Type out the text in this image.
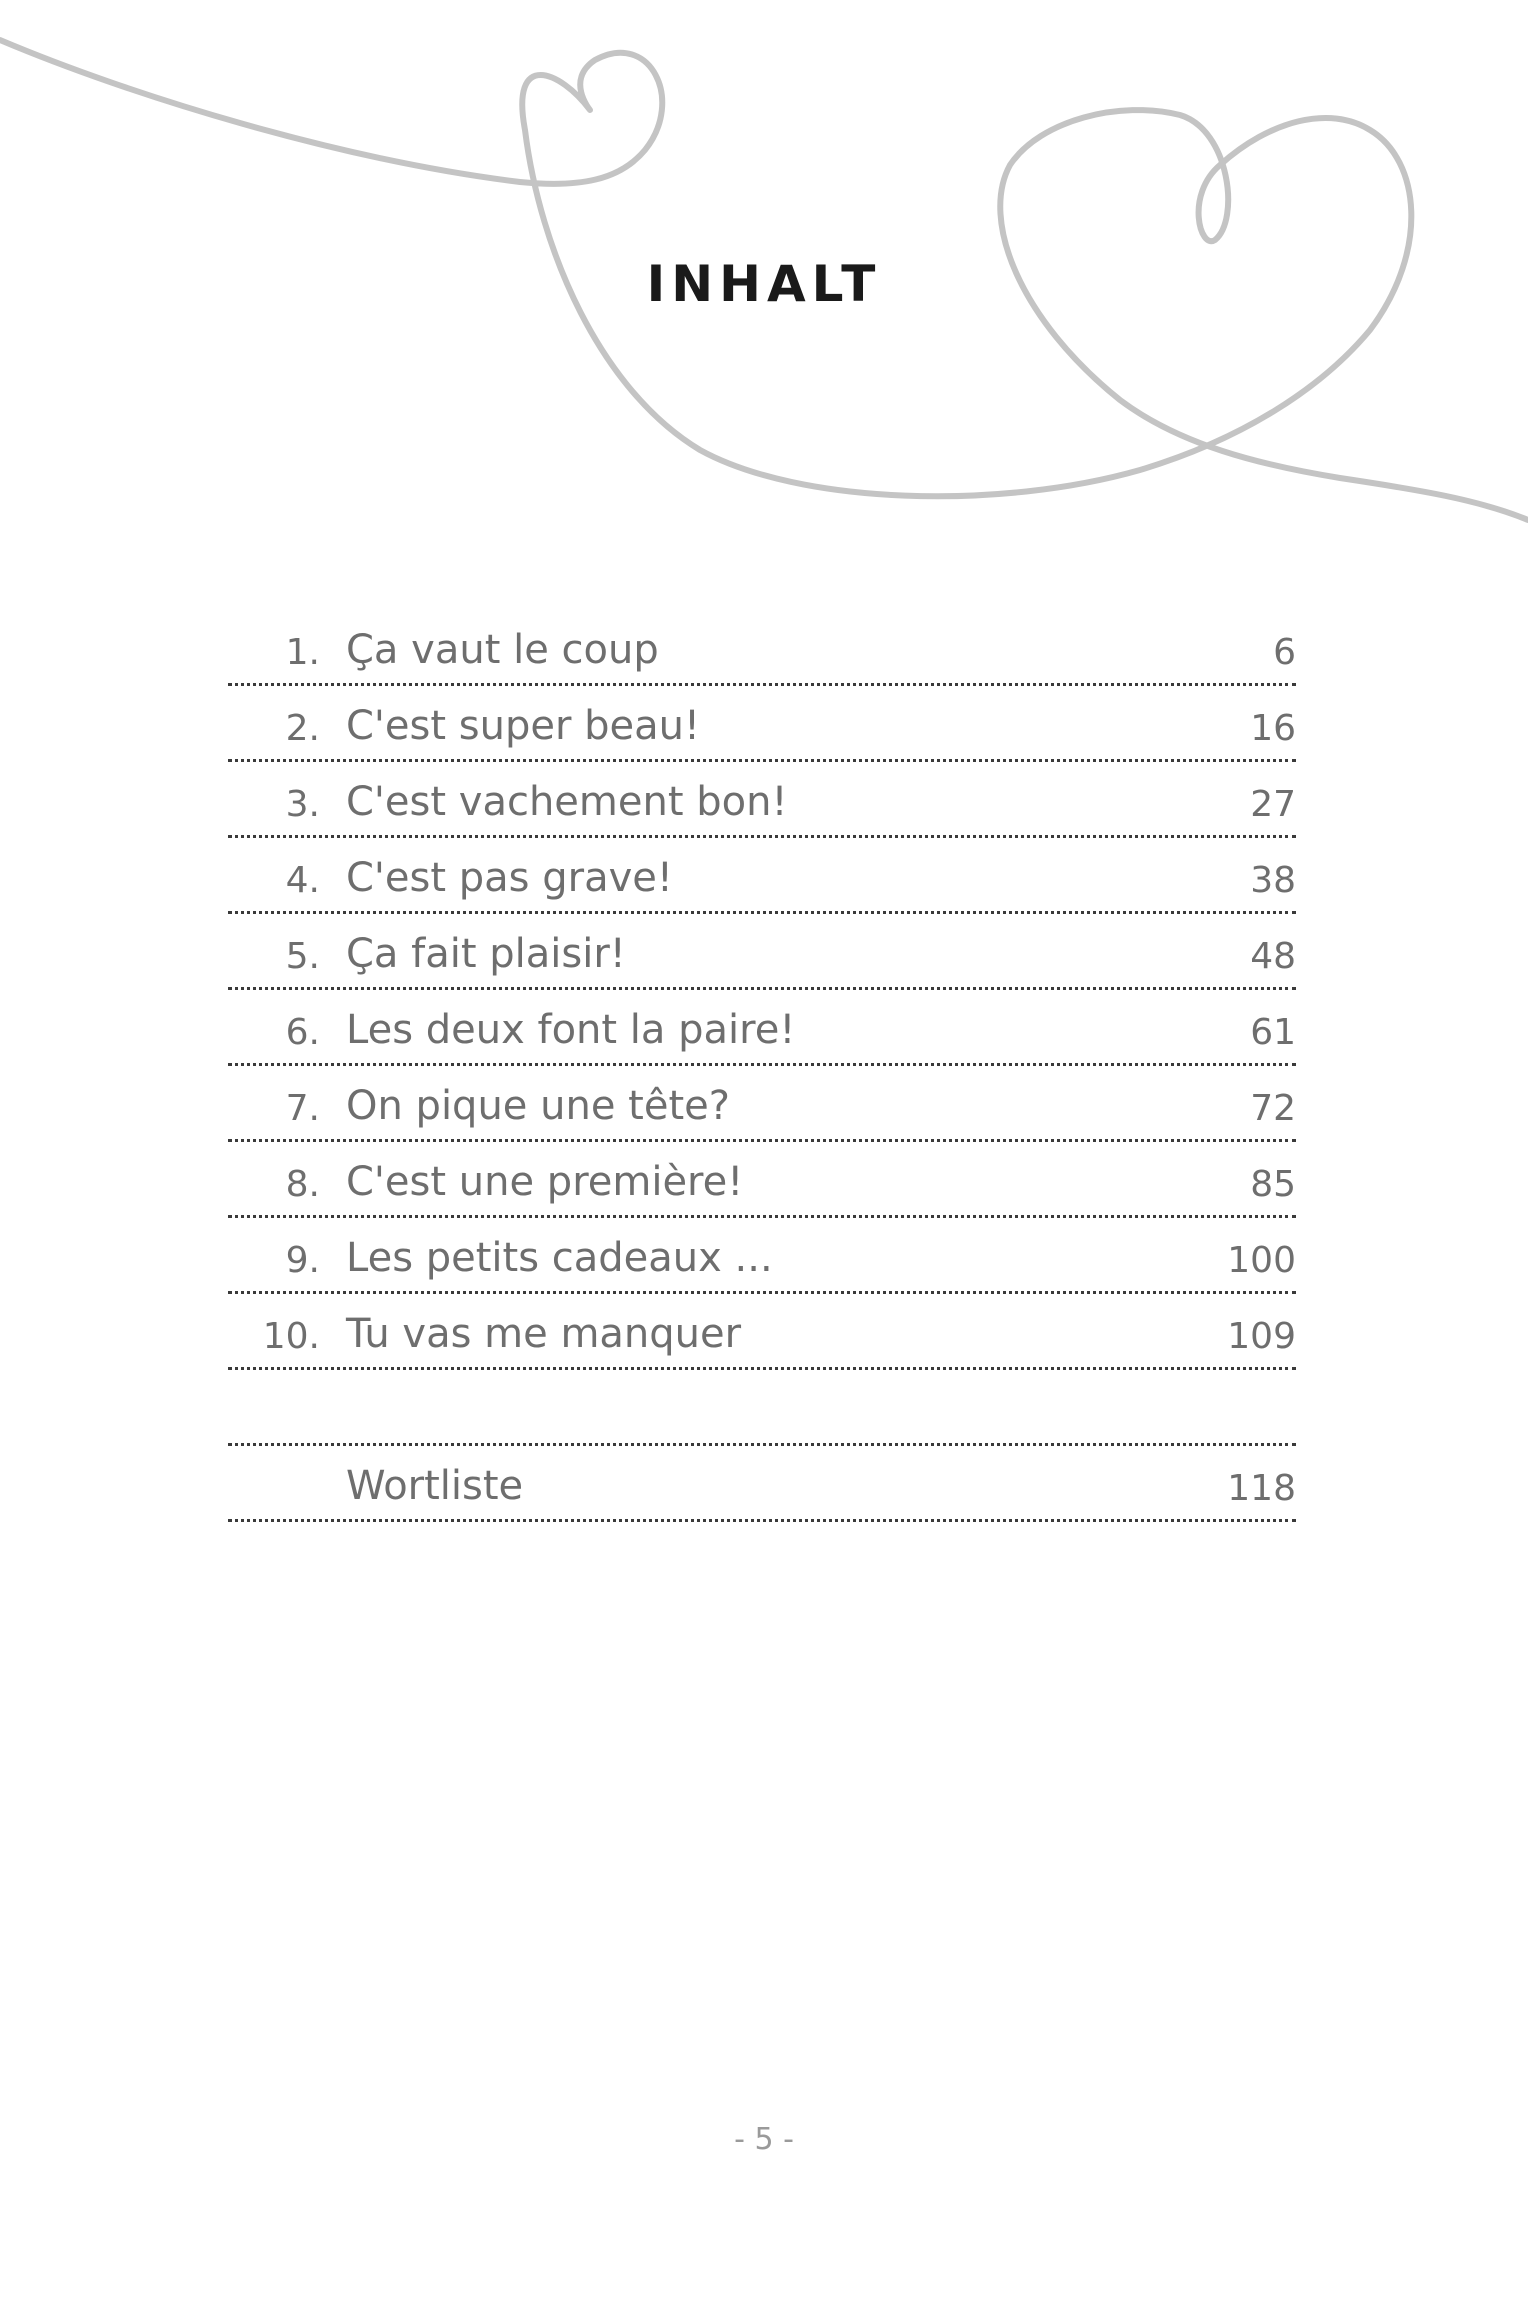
INHALT
1. Ça vaut le coup	6
2. C'est super beau!	16
3. C'est vachement bon!	27
4. C'est pas grave!	38
5. Ça fait plaisir!	48
6. Les deux font la paire!	61
7. On pique une tête?	72
8. C'est une première!	85
9. Les petits cadeaux ...	100
10. Tu vas me manquer	109
Wortliste	118
- 5 -
